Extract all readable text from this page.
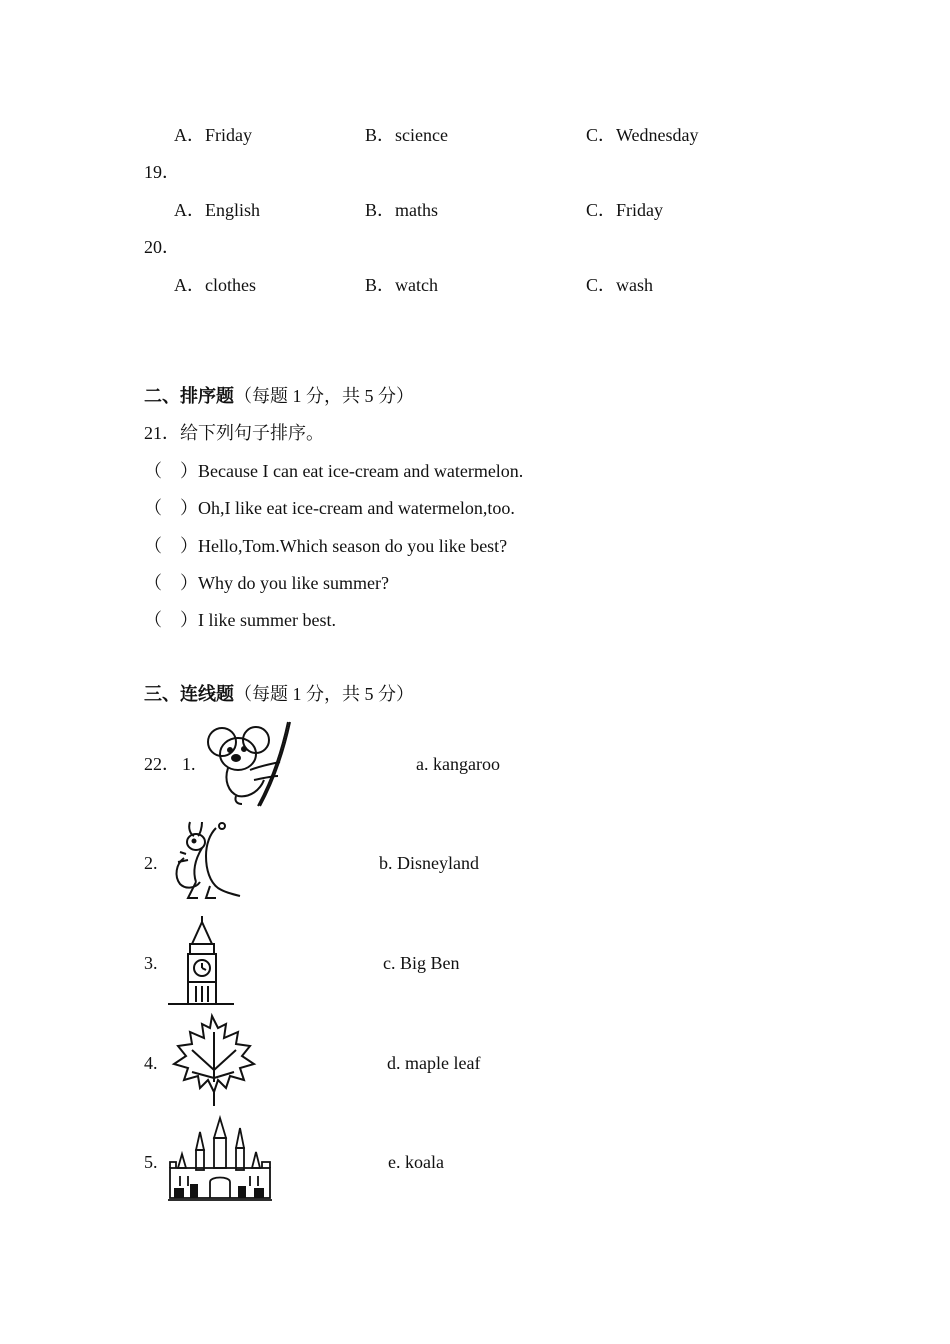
A．Friday	B．science	C．Wednesday
19．
A．English	B．maths	C．Friday
20．
A．clothes	B．watch	C．wash
二、排序题（每题 1 分，共 5 分）
21．给下列句子排序。
（　）Because I can eat ice-cream and watermelon.
（　）Oh,I like eat ice-cream and watermelon,too.
（　）Hello,Tom.Which season do you like best?
（　）Why do you like summer?
（　）I like summer best.
三、连线题（每题 1 分，共 5 分）
22． 1.	a. kangaroo
2.	b. Disneyland
3.	c. Big Ben
4.	d. maple leaf
5.	e. koala
